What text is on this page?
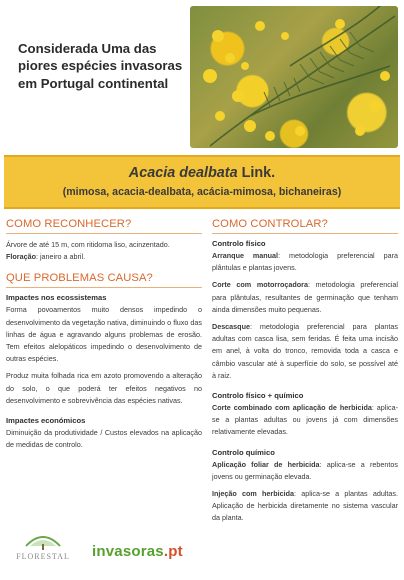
Considerada Uma das piores espécies invasoras em Portugal continental
Acacia dealbata Link.
(mimosa, acacia-dealbata, acácia-mimosa, bichaneiras)
COMO RECONHECER?
Árvore de até 15 m, com ritidoma liso, acinzentado.
Floração: janeiro a abril.
QUE PROBLEMAS CAUSA?
Impactes nos ecossistemas
Forma povoamentos muito densos impedindo o desenvolvimento da vegetação nativa, diminuindo o fluxo das linhas de água e agravando alguns problemas de erosão. Tem efeitos alelopáticos impedindo o desenvolvimento de outras espécies.
Produz muita folhada rica em azoto promovendo a alteração do solo, o que poderá ter efeitos negativos no desenvolvimento e sobrevivência das espécies nativas.
Impactes económicos
Diminuição da produtividade / Custos elevados na aplicação de medidas de controlo.
COMO CONTROLAR?
Controlo físico
Arranque manual: metodologia preferencial para plântulas e plantas jovens.
Corte com motorroçadora: metodologia preferencial para plântulas, resultantes de germinação que tenham ainda dimensões muito pequenas.
Descasque: metodologia preferencial para plantas adultas com casca lisa, sem feridas. É feita uma incisão em anel, à volta do tronco, removida toda a casca e câmbio vascular até à superfície do solo, se possível até à raiz.
Controlo físico + químico
Corte combinado com aplicação de herbicida: aplica-se a plantas adultas ou jovens já com dimensões relativamente elevadas.
Controlo químico
Aplicação foliar de herbicida: aplica-se a rebentos jovens ou germinação elevada.
Injeção com herbicida: aplica-se a plantas adultas. Aplicação de herbicida diretamente no sistema vascular da planta.
FLORESTAL invasoras.pt
